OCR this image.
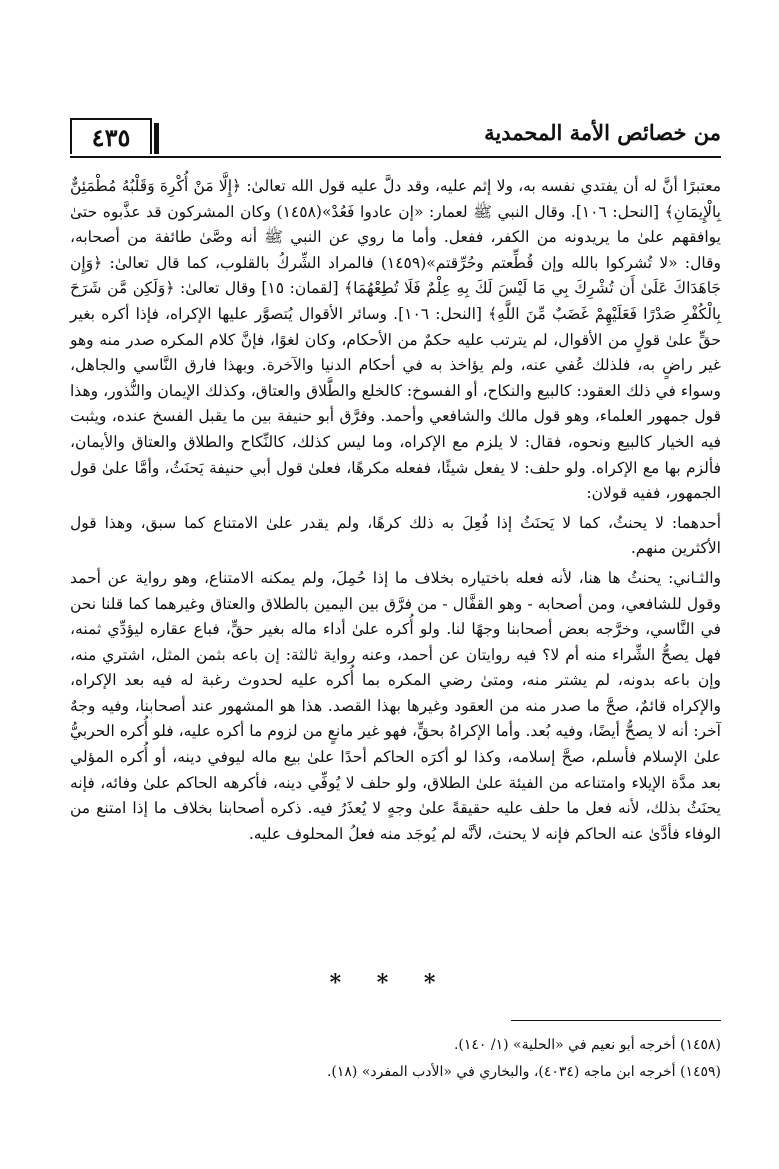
٤٣٥	من خصائص الأمة المحمدية

معتبرًا أنَّ له أن يفتدي نفسه به، ولا إثم عليه، وقد دلَّ عليه قول الله تعالىٰ: ﴿إِلَّا مَنْ أُكْرِهَ وَقَلْبُهُ مُطْمَئِنٌّ بِالْإِيمَانِ﴾ [النحل: ١٠٦]. وقال النبي ﷺ لعمار: «إن عادوا فَعُدْ»(١٤٥٨) وكان المشركون قد عذَّبوه حتىٰ يوافقهم علىٰ ما يريدونه من الكفر، ففعل. وأما ما روي عن النبي ﷺ أنه وصَّىٰ طائفة من أصحابه، وقال: «لا تُشركوا بالله وإن قُطِّعتم وحُرِّقتم»(١٤٥٩) فالمراد الشِّركُ بالقلوب، كما قال تعالىٰ: ﴿وَإِن جَاهَدَاكَ عَلَىٰ أَن تُشْرِكَ بِي مَا لَيْسَ لَكَ بِهِ عِلْمٌ فَلَا تُطِعْهُمَا﴾ [لقمان: ١٥] وقال تعالىٰ: ﴿وَلَكِن مَّن شَرَحَ بِالْكُفْرِ صَدْرًا فَعَلَيْهِمْ غَضَبٌ مِّنَ اللَّهِ﴾ [النحل: ١٠٦]. وسائر الأقوال يُتصوَّر عليها الإكراه، فإذا أكره بغير حقٍّ علىٰ قولٍ من الأقوال، لم يترتب عليه حكمٌ من الأحكام، وكان لغوًا، فإنَّ كلام المكره صدر منه وهو غير راضٍ به، فلذلك عُفي عنه، ولم يؤاخذ به في أحكام الدنيا والآخرة. وبهذا فارق النَّاسي والجاهل، وسواء في ذلك العقود: كالبيع والنكاح، أو الفسوخ: كالخلع والطَّلاق والعتاق، وكذلك الإيمان والنُّذور، وهذا قول جمهور العلماء، وهو قول مالك والشافعي وأحمد. وفرَّق أبو حنيفة بين ما يقبل الفسخ عنده، ويثبت فيه الخيار كالبيع ونحوه، فقال: لا يلزم مع الإكراه، وما ليس كذلك، كالنِّكاح والطلاق والعتاق والأيمان، فألزم بها مع الإكراه. ولو حلف: لا يفعل شيئًا، ففعله مكرهًا، فعلىٰ قول أبي حنيفة يَحنَثُ، وأمَّا علىٰ قول الجمهور، ففيه قولان:

أحدهما: لا يحنثُ، كما لا يَحنَثُ إذا فُعِلَ به ذلك كرهًا، ولم يقدر علىٰ الامتناع كما سبق، وهذا قول الأكثرين منهم.

والثـاني: يحنثُ ها هنا، لأنه فعله باختياره بخلاف ما إذا حُمِلَ، ولم يمكنه الامتناع، وهو رواية عن أحمد وقول للشافعي، ومن أصحابه - وهو القفَّال - من فرَّق بين اليمين بالطلاق والعتاق وغيرهما كما قلنا نحن في النَّاسي، وخرَّجه بعض أصحابنا وجهًا لنا. ولو أُكره علىٰ أداء ماله بغير حقٍّ، فباع عقاره ليؤدِّي ثمنه، فهل يصحُّ الشِّراء منه أم لا؟ فيه روايتان عن أحمد، وعنه رواية ثالثة: إن باعه بثمن المثل، اشتري منه، وإن باعه بدونه، لم يشتر منه، ومتىٰ رضي المكره بما أُكره عليه لحدوث رغبة له فيه بعد الإكراه، والإكراه قائمٌ، صحَّ ما صدر منه من العقود وغيرها بهذا القصد. هذا هو المشهور عند أصحابنا، وفيه وجهٌ آخر: أنه لا يصحُّ أيضًا، وفيه بُعد. وأما الإكراهُ بحقٍّ، فهو غير مانعٍ من لزوم ما أكره عليه، فلو أُكره الحربيُّ علىٰ الإسلام فأسلم، صحَّ إسلامه، وكذا لو أكرَه الحاكم أحدًا علىٰ بيع ماله ليوفي دينه، أو أُكره المؤلي بعد مدَّة الإيلاء وامتناعه من الفيئة علىٰ الطلاق، ولو حلف لا يُوفِّي دينه، فأكرهه الحاكم علىٰ وفائه، فإنه يحنَثُ بذلك، لأنه فعل ما حلف عليه حقيقةً علىٰ وجهٍ لا يُعذَرُ فيه. ذكره أصحابنا بخلاف ما إذا امتنع من الوفاء فأدَّىٰ عنه الحاكم فإنه لا يحنث، لأنَّه لم يُوجَد منه فعلُ المحلوف عليه.

* * *

(١٤٥٨) أخرجه أبو نعيم في «الحلية» (١/ ١٤٠).

(١٤٥٩) أخرجه ابن ماجه (٤٠٣٤)، والبخاري في «الأدب المفرد» (١٨).
